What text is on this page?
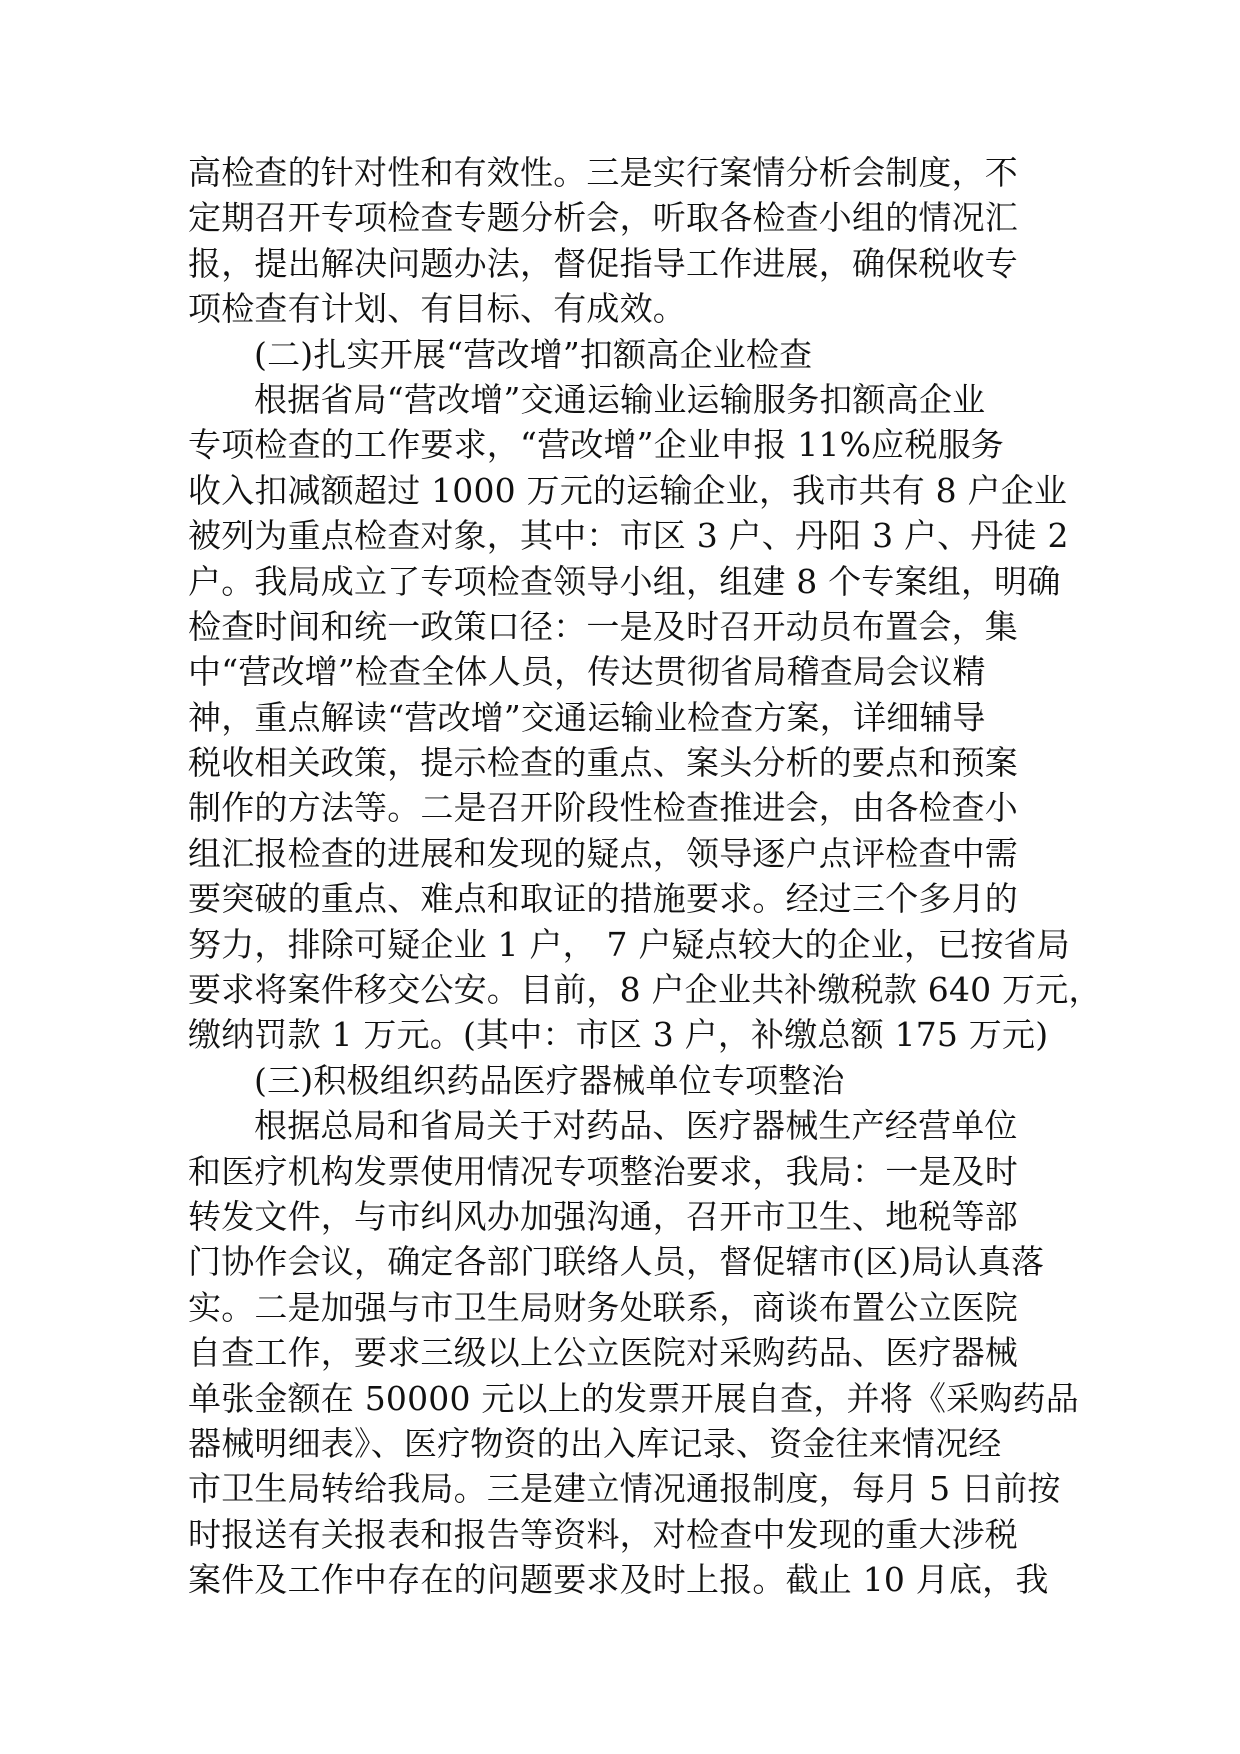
高检查的针对性和有效性。三是实行案情分析会制度，不
定期召开专项检查专题分析会，听取各检查小组的情况汇
报，提出解决问题办法，督促指导工作进展，确保税收专
项检查有计划、有目标、有成效。
(二)扎实开展“营改增”扣额高企业检查
根据省局“营改增”交通运输业运输服务扣额高企业
专项检查的工作要求，“营改增”企业申报 11%应税服务
收入扣减额超过 1000 万元的运输企业，我市共有 8 户企业
被列为重点检查对象，其中：市区 3 户、丹阳 3 户、丹徒 2
户。我局成立了专项检查领导小组，组建 8 个专案组，明确
检查时间和统一政策口径：一是及时召开动员布置会，集
中“营改增”检查全体人员，传达贯彻省局稽查局会议精
神，重点解读“营改增”交通运输业检查方案，详细辅导
税收相关政策，提示检查的重点、案头分析的要点和预案
制作的方法等。二是召开阶段性检查推进会，由各检查小
组汇报检查的进展和发现的疑点，领导逐户点评检查中需
要突破的重点、难点和取证的措施要求。经过三个多月的
努力，排除可疑企业 1 户， 7 户疑点较大的企业，已按省局
要求将案件移交公安。目前，8 户企业共补缴税款 640 万元，
缴纳罚款 1 万元。(其中：市区 3 户，补缴总额 175 万元)
(三)积极组织药品医疗器械单位专项整治
根据总局和省局关于对药品、医疗器械生产经营单位
和医疗机构发票使用情况专项整治要求，我局：一是及时
转发文件，与市纠风办加强沟通，召开市卫生、地税等部
门协作会议，确定各部门联络人员，督促辖市(区)局认真落
实。二是加强与市卫生局财务处联系，商谈布置公立医院
自查工作，要求三级以上公立医院对采购药品、医疗器械
单张金额在 50000 元以上的发票开展自查，并将《采购药品
器械明细表》、医疗物资的出入库记录、资金往来情况经
市卫生局转给我局。三是建立情况通报制度，每月 5 日前按
时报送有关报表和报告等资料，对检查中发现的重大涉税
案件及工作中存在的问题要求及时上报。截止 10 月底，我
